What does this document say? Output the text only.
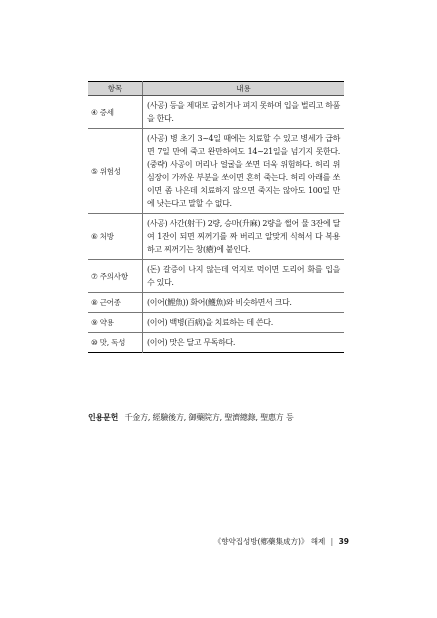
항목	내용
④ 증세	(사공) 등을 제대로 굽히거나 펴지 못하며 입을 벌리고 하품을 한다.
⑤ 위험성	(사공) 병 초기 3~4일 때에는 치료할 수 있고 병세가 급하면 7일 만에 죽고 완만하여도 14~21일을 넘기지 못한다. (중략) 사공이 머리나 얼굴을 쏘면 더욱 위험하다. 허리 위 심장이 가까운 부분을 쏘이면 혼히 죽는다. 허리 아래를 쏘이면 좀 나은데 치료하지 않으면 죽지는 않아도 100일 만에 낫는다고 말할 수 없다.
⑥ 처방	(사공) 사간(射干) 2량, 승마(升麻) 2량을 썰어 물 3잔에 달여 1잔이 되면 찌꺼기를 짜 버리고 알맞게 식혀서 다 복용하고 찌꺼기는 창(瘡)에 붙인다.
⑦ 주의사항	(돈) 갈증이 나지 않는데 억지로 먹이면 도리어 화를 입을 수 있다.
⑧ 근어종	(이어(鯉魚)) 화어(鱯魚)와 비슷하면서 크다.
⑨ 약용	(이어) 백병(百病)을 치료하는 데 쓴다.
⑩ 맛, 독성	(이어) 맛은 달고 무독하다.
인용문헌 千金方, 經驗後方, 御藥院方, 聖濟總錄, 聖惠方 등
《향약집성방(鄕藥集成方)》 해제 | 39
